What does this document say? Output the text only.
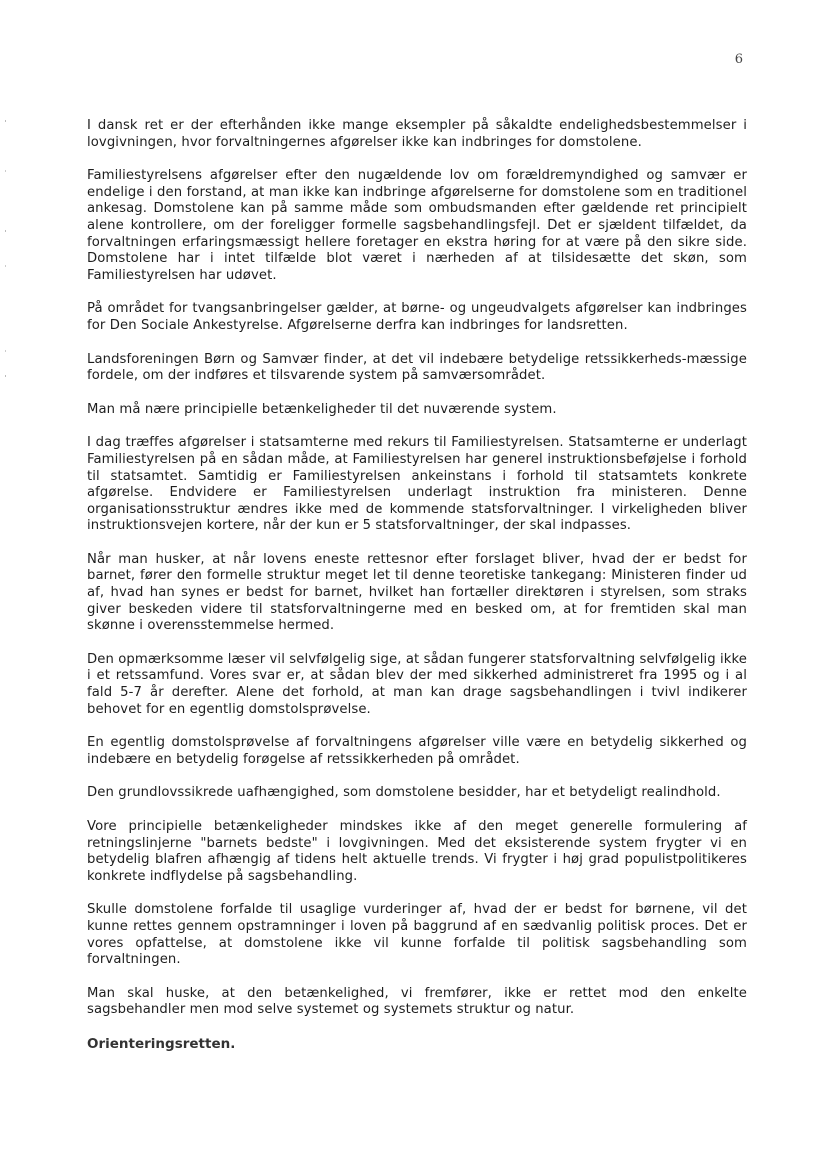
6

I dansk ret er der efterhånden ikke mange eksempler på såkaldte endelighedsbestemmelser i lovgivningen, hvor forvaltningernes afgørelser ikke kan indbringes for domstolene.

Familiestyrelsens afgørelser efter den nugældende lov om forældremyndighed og samvær er endelige i den forstand, at man ikke kan indbringe afgørelserne for domstolene som en traditionel ankesag. Domstolene kan på samme måde som ombudsmanden efter gældende ret principielt alene kontrollere, om der foreligger formelle sagsbehandlingsfejl. Det er sjældent tilfældet, da forvaltningen erfaringsmæssigt hellere foretager en ekstra høring for at være på den sikre side. Domstolene har i intet tilfælde blot været i nærheden af at tilsidesætte det skøn, som Familiestyrelsen har udøvet.

På området for tvangsanbringelser gælder, at børne- og ungeudvalgets afgørelser kan indbringes for Den Sociale Ankestyrelse. Afgørelserne derfra kan indbringes for landsretten.

Landsforeningen Børn og Samvær finder, at det vil indebære betydelige retssikkerheds-mæssige fordele, om der indføres et tilsvarende system på samværsområdet.

Man må nære principielle betænkeligheder til det nuværende system.

I dag træffes afgørelser i statsamterne med rekurs til Familiestyrelsen. Statsamterne er underlagt Familiestyrelsen på en sådan måde, at Familiestyrelsen har generel instruktionsbeføjelse i forhold til statsamtet. Samtidig er Familiestyrelsen ankeinstans i forhold til statsamtets konkrete afgørelse. Endvidere er Familiestyrelsen underlagt instruktion fra ministeren. Denne organisationsstruktur ændres ikke med de kommende statsforvaltninger. I virkeligheden bliver instruktionsvejen kortere, når der kun er 5 statsforvaltninger, der skal indpasses.

Når man husker, at når lovens eneste rettesnor efter forslaget bliver, hvad der er bedst for barnet, fører den formelle struktur meget let til denne teoretiske tankegang: Ministeren finder ud af, hvad han synes er bedst for barnet, hvilket han fortæller direktøren i styrelsen, som straks giver beskeden videre til statsforvaltningerne med en besked om, at for fremtiden skal man skønne i overensstemmelse hermed.

Den opmærksomme læser vil selvfølgelig sige, at sådan fungerer statsforvaltning selvfølgelig ikke i et retssamfund. Vores svar er, at sådan blev der med sikkerhed administreret fra 1995 og i al fald 5-7 år derefter. Alene det forhold, at man kan drage sagsbehandlingen i tvivl indikerer behovet for en egentlig domstolsprøvelse.

En egentlig domstolsprøvelse af forvaltningens afgørelser ville være en betydelig sikkerhed og indebære en betydelig forøgelse af retssikkerheden på området.

Den grundlovssikrede uafhængighed, som domstolene besidder, har et betydeligt realindhold.

Vore principielle betænkeligheder mindskes ikke af den meget generelle formulering af retningslinjerne "barnets bedste" i lovgivningen. Med det eksisterende system frygter vi en betydelig blafren afhængig af tidens helt aktuelle trends. Vi frygter i høj grad populistpolitikeres konkrete indflydelse på sagsbehandling.

Skulle domstolene forfalde til usaglige vurderinger af, hvad der er bedst for børnene, vil det kunne rettes gennem opstramninger i loven på baggrund af en sædvanlig politisk proces. Det er vores opfattelse, at domstolene ikke vil kunne forfalde til politisk sagsbehandling som forvaltningen.

Man skal huske, at den betænkelighed, vi fremfører, ikke er rettet mod den enkelte sagsbehandler men mod selve systemet og systemets struktur og natur.

Orienteringsretten.
